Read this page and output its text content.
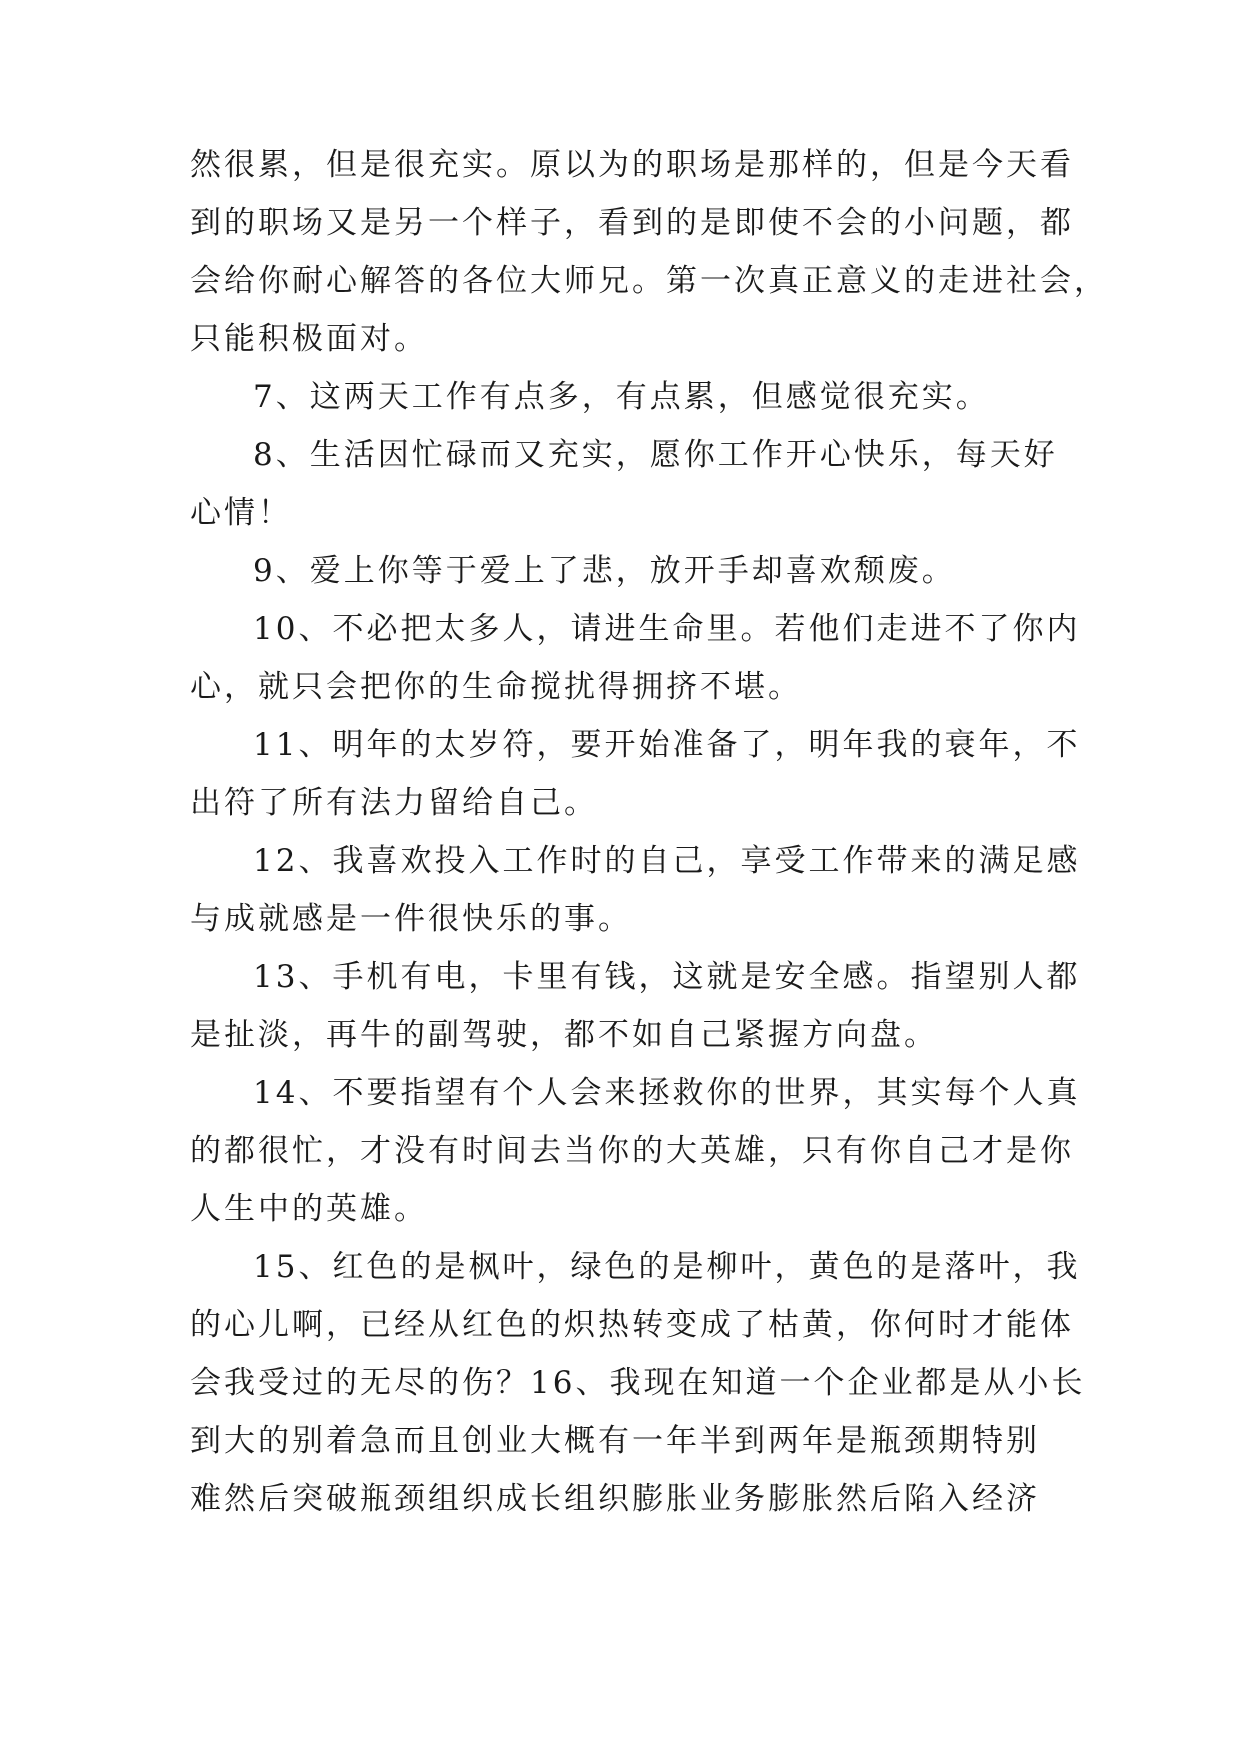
然很累，但是很充实。原以为的职场是那样的，但是今天看
到的职场又是另一个样子，看到的是即使不会的小问题，都
会给你耐心解答的各位大师兄。第一次真正意义的走进社会，
只能积极面对。
7、这两天工作有点多，有点累，但感觉很充实。
8、生活因忙碌而又充实，愿你工作开心快乐，每天好
心情！
9、爱上你等于爱上了悲，放开手却喜欢颓废。
10、不必把太多人，请进生命里。若他们走进不了你内
心，就只会把你的生命搅扰得拥挤不堪。
11、明年的太岁符，要开始准备了，明年我的衰年，不
出符了所有法力留给自己。
12、我喜欢投入工作时的自己，享受工作带来的满足感
与成就感是一件很快乐的事。
13、手机有电，卡里有钱，这就是安全感。指望别人都
是扯淡，再牛的副驾驶，都不如自己紧握方向盘。
14、不要指望有个人会来拯救你的世界，其实每个人真
的都很忙，才没有时间去当你的大英雄，只有你自己才是你
人生中的英雄。
15、红色的是枫叶，绿色的是柳叶，黄色的是落叶，我
的心儿啊，已经从红色的炽热转变成了枯黄，你何时才能体
会我受过的无尽的伤？16、我现在知道一个企业都是从小长
到大的别着急而且创业大概有一年半到两年是瓶颈期特别
难然后突破瓶颈组织成长组织膨胀业务膨胀然后陷入经济
